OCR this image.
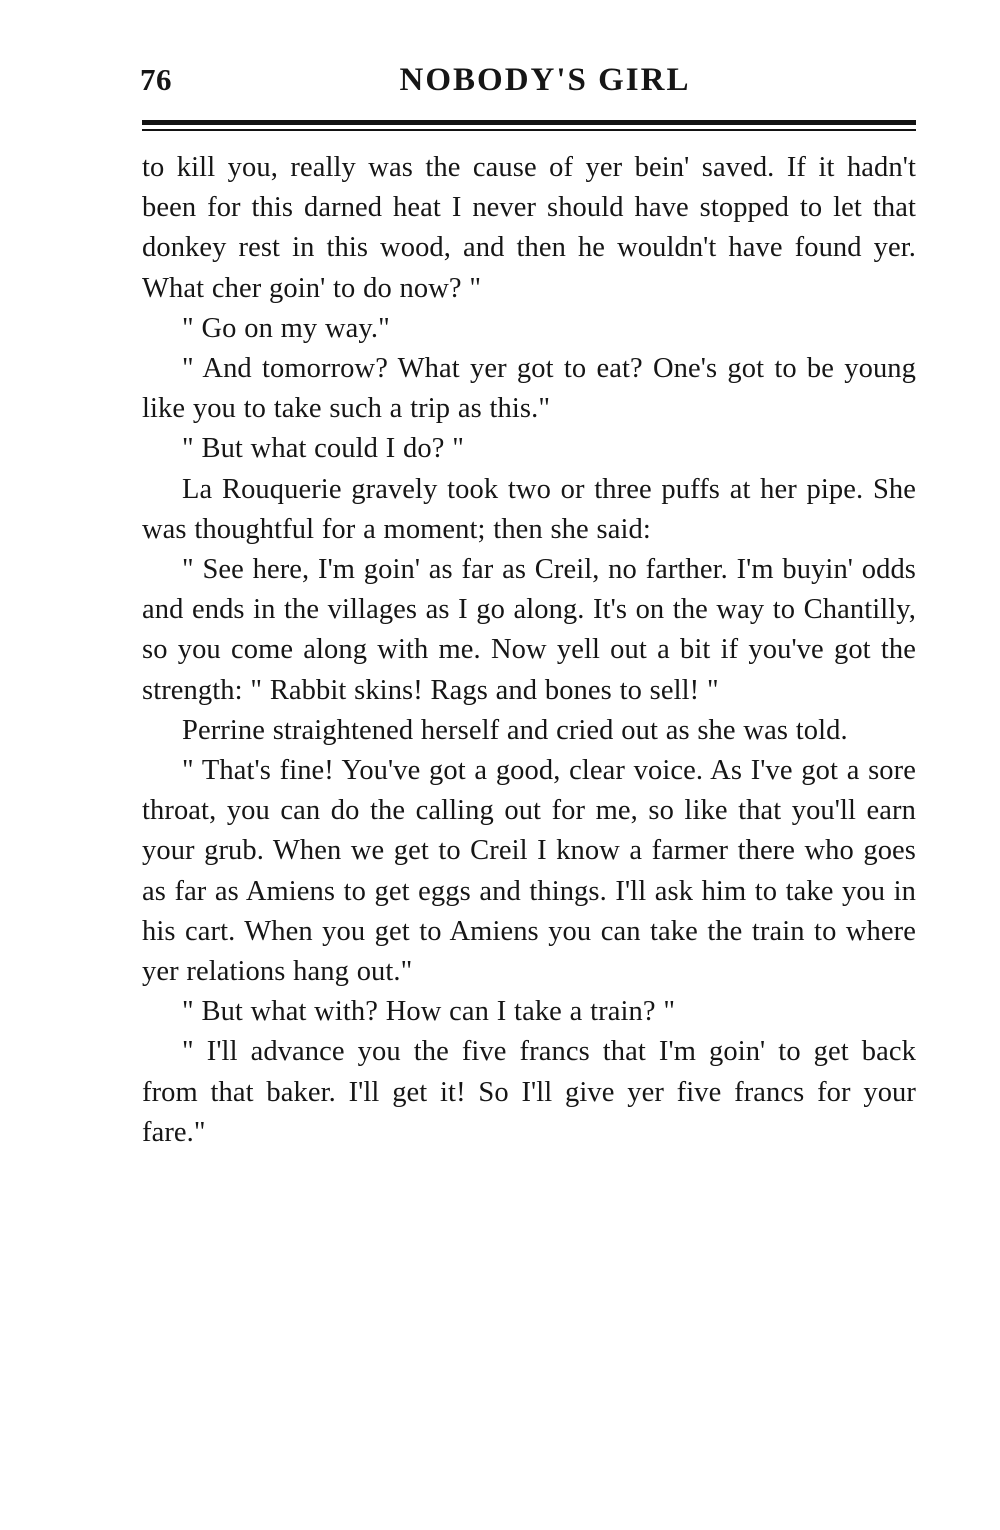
76	NOBODY'S GIRL

to kill you, really was the cause of yer bein' saved. If it hadn't been for this darned heat I never should have stopped to let that donkey rest in this wood, and then he wouldn't have found yer. What cher goin' to do now? "

" Go on my way."

" And tomorrow? What yer got to eat? One's got to be young like you to take such a trip as this."

" But what could I do? "

La Rouquerie gravely took two or three puffs at her pipe. She was thoughtful for a moment; then she said:

" See here, I'm goin' as far as Creil, no farther. I'm buyin' odds and ends in the villages as I go along. It's on the way to Chantilly, so you come along with me. Now yell out a bit if you've got the strength: " Rabbit skins! Rags and bones to sell! "

Perrine straightened herself and cried out as she was told.

" That's fine! You've got a good, clear voice. As I've got a sore throat, you can do the calling out for me, so like that you'll earn your grub. When we get to Creil I know a farmer there who goes as far as Amiens to get eggs and things. I'll ask him to take you in his cart. When you get to Amiens you can take the train to where yer relations hang out."

" But what with? How can I take a train? "

" I'll advance you the five francs that I'm goin' to get back from that baker. I'll get it! So I'll give yer five francs for your fare."
